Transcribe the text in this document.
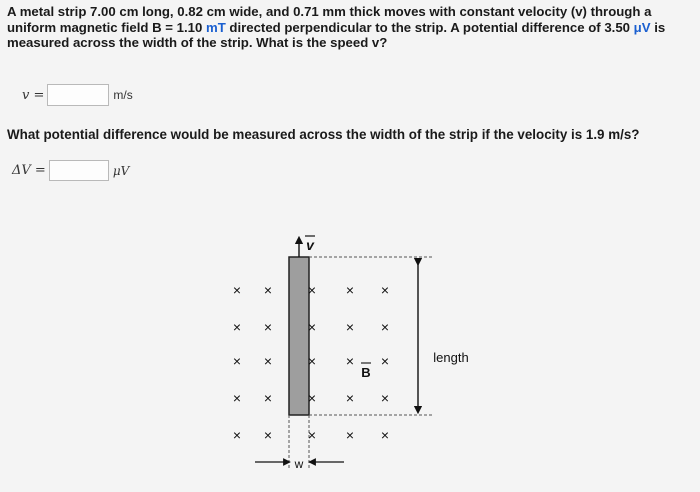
A metal strip 7.00 cm long, 0.82 cm wide, and 0.71 mm thick moves with constant velocity (v) through a uniform magnetic field B = 1.10 mT directed perpendicular to the strip. A potential difference of 3.50 μV is measured across the width of the strip. What is the speed v?
v =	m/s
What potential difference would be measured across the width of the strip if the velocity is 1.9 m/s?
ΔV =	μV
length
v
B
w
× ×	× × ×
× ×	× × ×
× ×	× × ×
× ×	× × ×
× ×	× × ×
